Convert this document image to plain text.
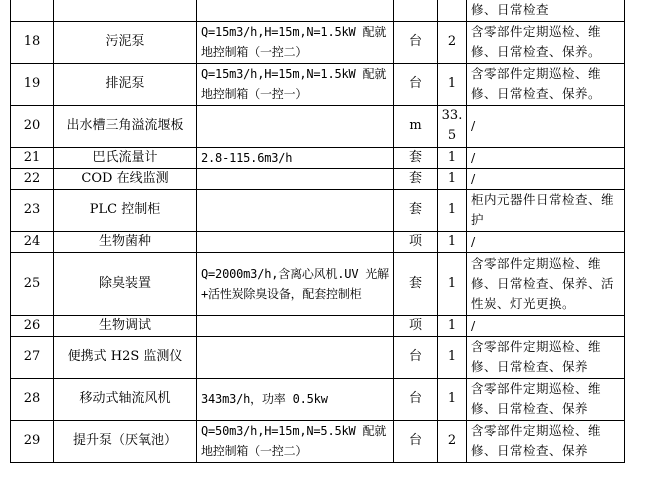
					修、日常检查
18	污泥泵	Q=15m3/h,H=15m,N=1.5kW 配就地控制箱（一控二）	台	2	含零部件定期巡检、维修、日常检查、保养。
19	排泥泵	Q=15m3/h,H=15m,N=1.5kW 配就地控制箱（一控一）	台	1	含零部件定期巡检、维修、日常检查、保养。
20	出水槽三角溢流堰板		m	33.5	/
21	巴氏流量计	2.8-115.6m3/h	套	1	/
22	COD 在线监测		套	1	/
23	PLC 控制柜		套	1	柜内元器件日常检查、维护
24	生物菌种		项	1	/
25	除臭装置	Q=2000m3/h,含离心风机.UV 光解+活性炭除臭设备，配套控制柜	套	1	含零部件定期巡检、维修、日常检查、保养、活性炭、灯光更换。
26	生物调试		项	1	/
27	便携式 H2S 监测仪		台	1	含零部件定期巡检、维修、日常检查、保养
28	移动式轴流风机	343m3/h，功率 0.5kw	台	1	含零部件定期巡检、维修、日常检查、保养
29	提升泵（厌氧池）	Q=50m3/h,H=15m,N=5.5kW 配就地控制箱（一控二）	台	2	含零部件定期巡检、维修、日常检查、保养
